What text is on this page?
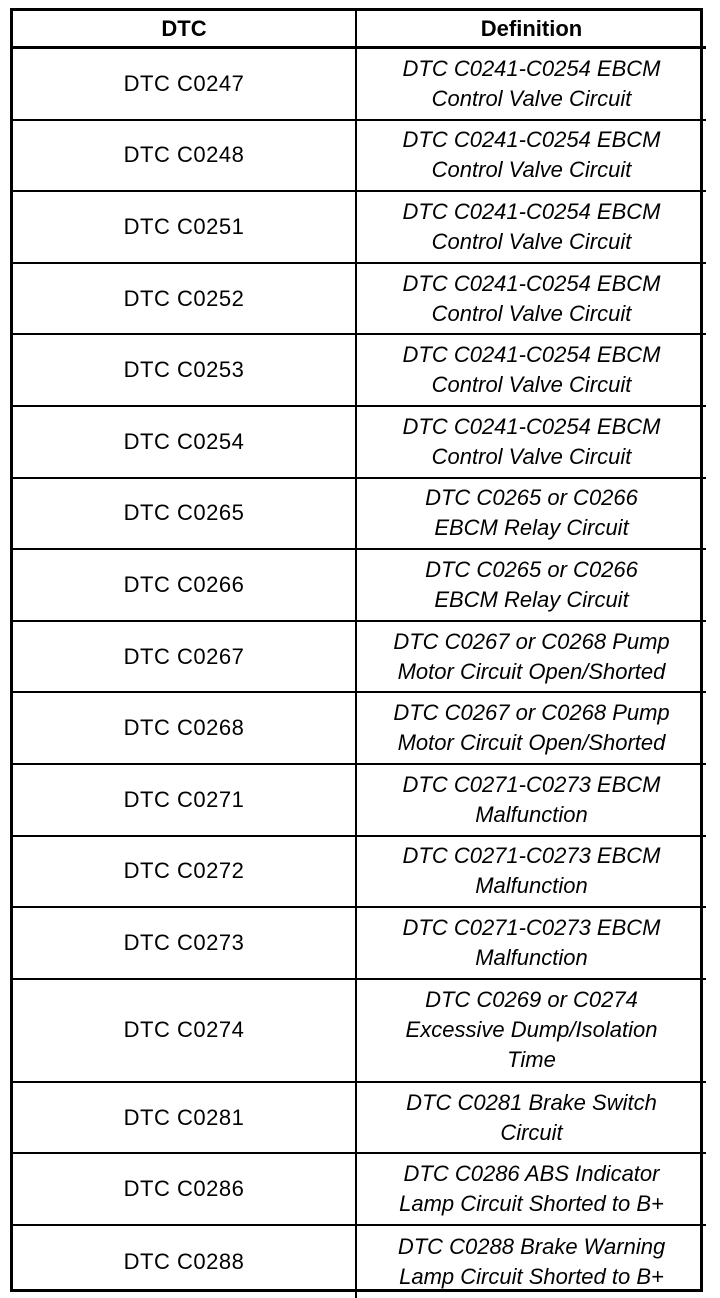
DTC	Definition
DTC C0247
DTC C0241-C0254 EBCM
Control Valve Circuit
DTC C0248
DTC C0241-C0254 EBCM
Control Valve Circuit
DTC C0251
DTC C0241-C0254 EBCM
Control Valve Circuit
DTC C0252
DTC C0241-C0254 EBCM
Control Valve Circuit
DTC C0253
DTC C0241-C0254 EBCM
Control Valve Circuit
DTC C0254
DTC C0241-C0254 EBCM
Control Valve Circuit
DTC C0265
DTC C0265 or C0266
EBCM Relay Circuit
DTC C0266
DTC C0265 or C0266
EBCM Relay Circuit
DTC C0267
DTC C0267 or C0268 Pump
Motor Circuit Open/Shorted
DTC C0268
DTC C0267 or C0268 Pump
Motor Circuit Open/Shorted
DTC C0271
DTC C0271-C0273 EBCM
Malfunction
DTC C0272
DTC C0271-C0273 EBCM
Malfunction
DTC C0273
DTC C0271-C0273 EBCM
Malfunction
DTC C0274
DTC C0269 or C0274
Excessive Dump/Isolation
Time
DTC C0281
DTC C0281 Brake Switch
Circuit
DTC C0286
DTC C0286 ABS Indicator
Lamp Circuit Shorted to B+
DTC C0288
DTC C0288 Brake Warning
Lamp Circuit Shorted to B+
